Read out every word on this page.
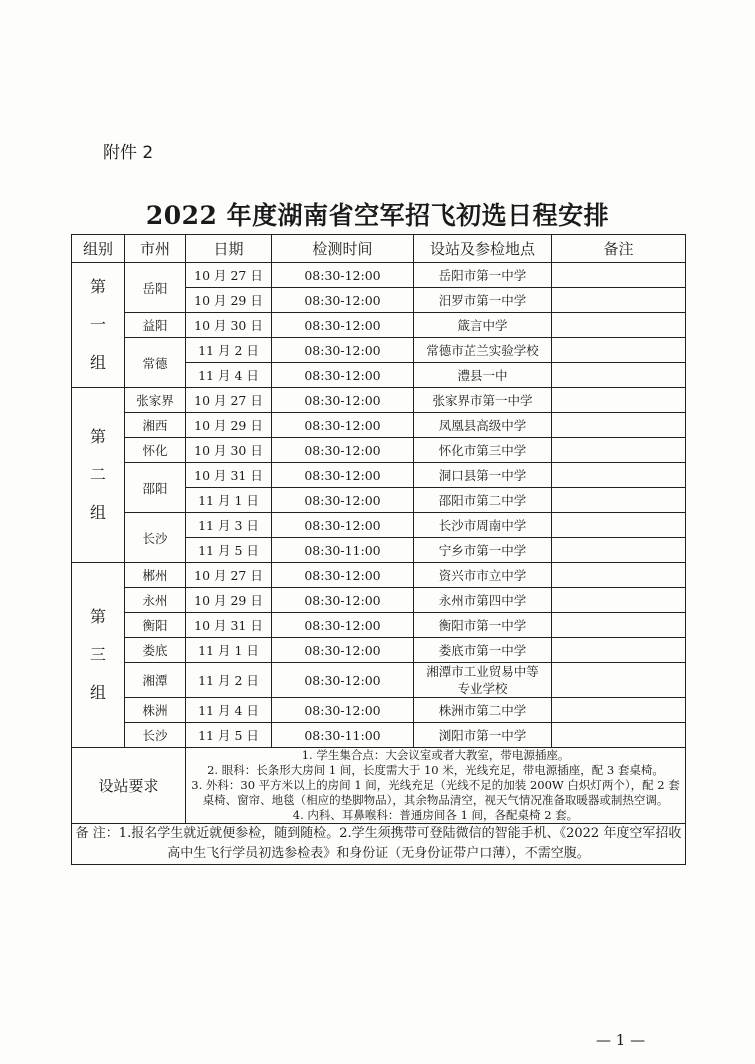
附件 2
2022 年度湖南省空军招飞初选日程安排
组别	市州	日期	检测时间	设站及参检地点	备注

第
一
组	岳阳	10 月 27 日	08:30-12:00	岳阳市第一中学	
		10 月 29 日	08:30-12:00	汨罗市第一中学	
	益阳	10 月 30 日	08:30-12:00	箴言中学	
	常德	11 月 2 日	08:30-12:00	常德市芷兰实验学校	
		11 月 4 日	08:30-12:00	澧县一中	

第
二
组	张家界	10 月 27 日	08:30-12:00	张家界市第一中学	
	湘西	10 月 29 日	08:30-12:00	凤凰县高级中学	
	怀化	10 月 30 日	08:30-12:00	怀化市第三中学	
	邵阳	10 月 31 日	08:30-12:00	洞口县第一中学	
		11 月 1 日	08:30-12:00	邵阳市第二中学	
	长沙	11 月 3 日	08:30-12:00	长沙市周南中学	
		11 月 5 日	08:30-11:00	宁乡市第一中学	

第
三
组	郴州	10 月 27 日	08:30-12:00	资兴市市立中学	
	永州	10 月 29 日	08:30-12:00	永州市第四中学	
	衡阳	10 月 31 日	08:30-12:00	衡阳市第一中学	
	娄底	11 月 1 日	08:30-12:00	娄底市第一中学	
	湘潭	11 月 2 日	08:30-12:00	湘潭市工业贸易中等
专业学校	

	株洲	11 月 4 日	08:30-12:00	株洲市第二中学	
	长沙	11 月 5 日	08:30-11:00	浏阳市第一中学	
设站要求		1. 学生集合点：大会议室或者大教室，带电源插座。
2. 眼科：长条形大房间 1 间，长度需大于 10 米，光线充足，带电源插座，配 3 套桌椅。
3. 外科：30 平方米以上的房间 1 间，光线充足（光线不足的加装 200W 白炽灯两个），配 2 套桌椅、窗帘、地毯（相应的垫脚物品），其余物品清空，视天气情况准备取暖器或制热空调。
4. 内科、耳鼻喉科：普通房间各 1 间，各配桌椅 2 套。			

备 注：1.报名学生就近就便参检，随到随检。2.学生须携带可登陆微信的智能手机、《2022 年度空军招收高中生飞行学员初选参检表》和身份证（无身份证带户口薄），不需空腹。					
— 1 —
